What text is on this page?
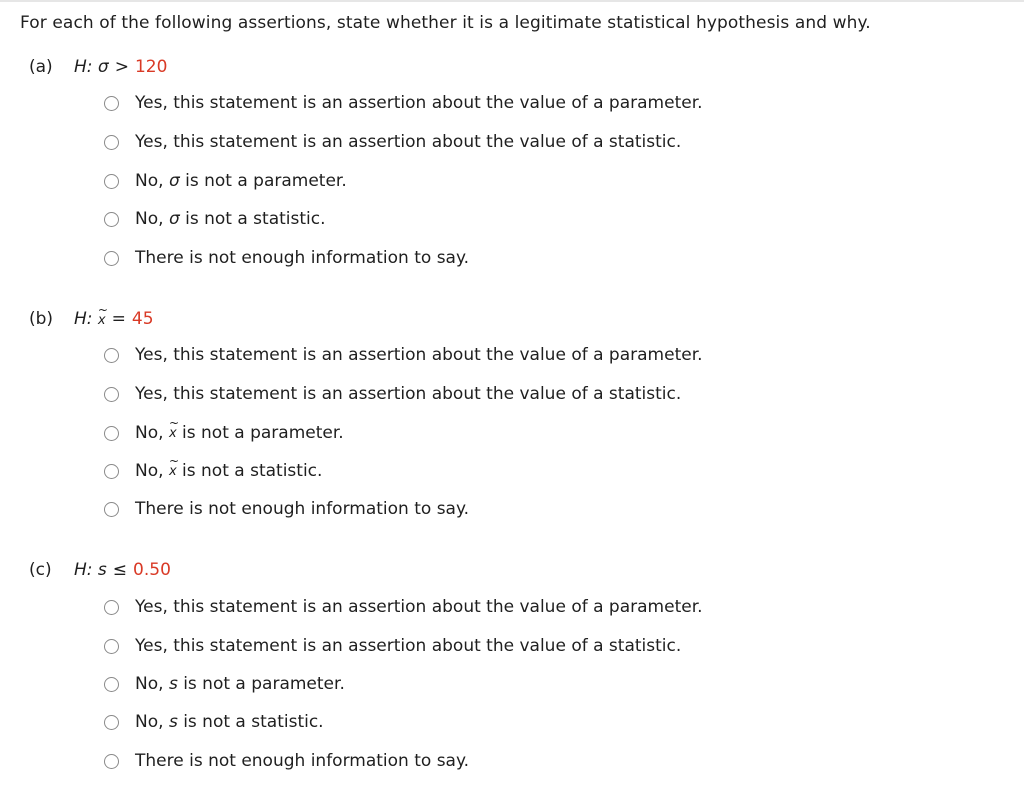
For each of the following assertions, state whether it is a legitimate statistical hypothesis and why.
(a) H: σ > 120
Yes, this statement is an assertion about the value of a parameter.
Yes, this statement is an assertion about the value of a statistic.
No,
σ
is not a parameter.
No,
σ
is not a statistic.
There is not enough information to say.
(b) H: ~ x = 45
Yes, this statement is an assertion about the value of a parameter.
Yes, this statement is an assertion about the value of a statistic.
No,
~ x
is not a parameter.
No,
~ x
is not a statistic.
There is not enough information to say.
(c) H: s ≤ 0.50
Yes, this statement is an assertion about the value of a parameter.
Yes, this statement is an assertion about the value of a statistic.
No,
s
is not a parameter.
No,
s
is not a statistic.
There is not enough information to say.
